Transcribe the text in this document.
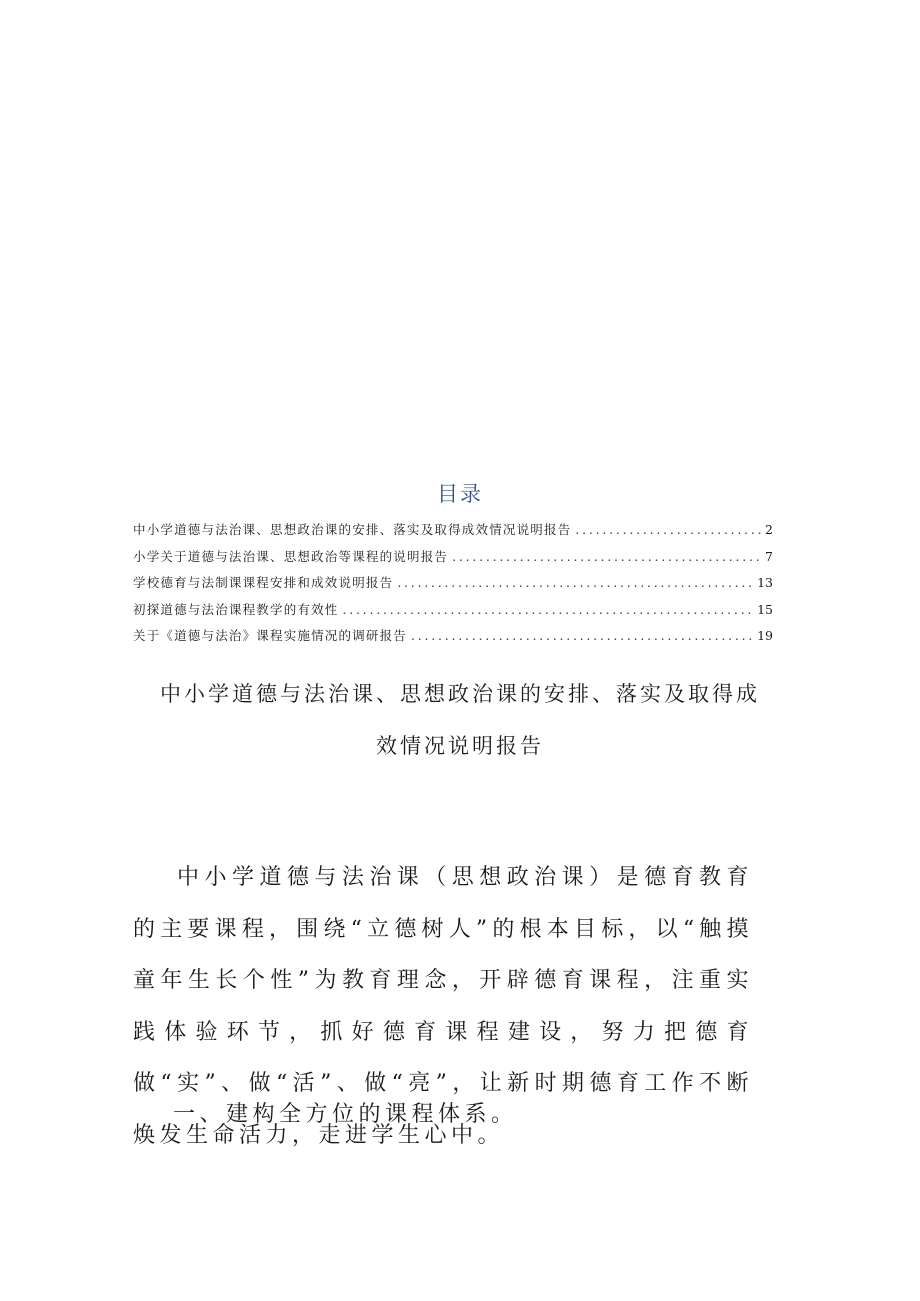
目录
中小学道德与法治课、思想政治课的安排、落实及取得成效情况说明报告 . . .	2
小学关于道德与法治课、思想政治等课程的说明报告 . . .	7
学校德育与法制课课程安排和成效说明报告 . . .	13
初探道德与法治课程教学的有效性 . . .	15
关于《道德与法治》课程实施情况的调研报告 . . .	19
中小学道德与法治课、思想政治课的安排、落实及取得成
效情况说明报告

中小学道德与法治课（思想政治课）是德育教育的主要课程，围绕“立德树人”的根本目标，以“触摸童年生长个性”为教育理念，开辟德育课程，注重实践体验环节，抓好德育课程建设，努力把德育做“实”、做“活”、做“亮”，让新时期德育工作不断焕发生命活力，走进学生心中。

一、建构全方位的课程体系。
